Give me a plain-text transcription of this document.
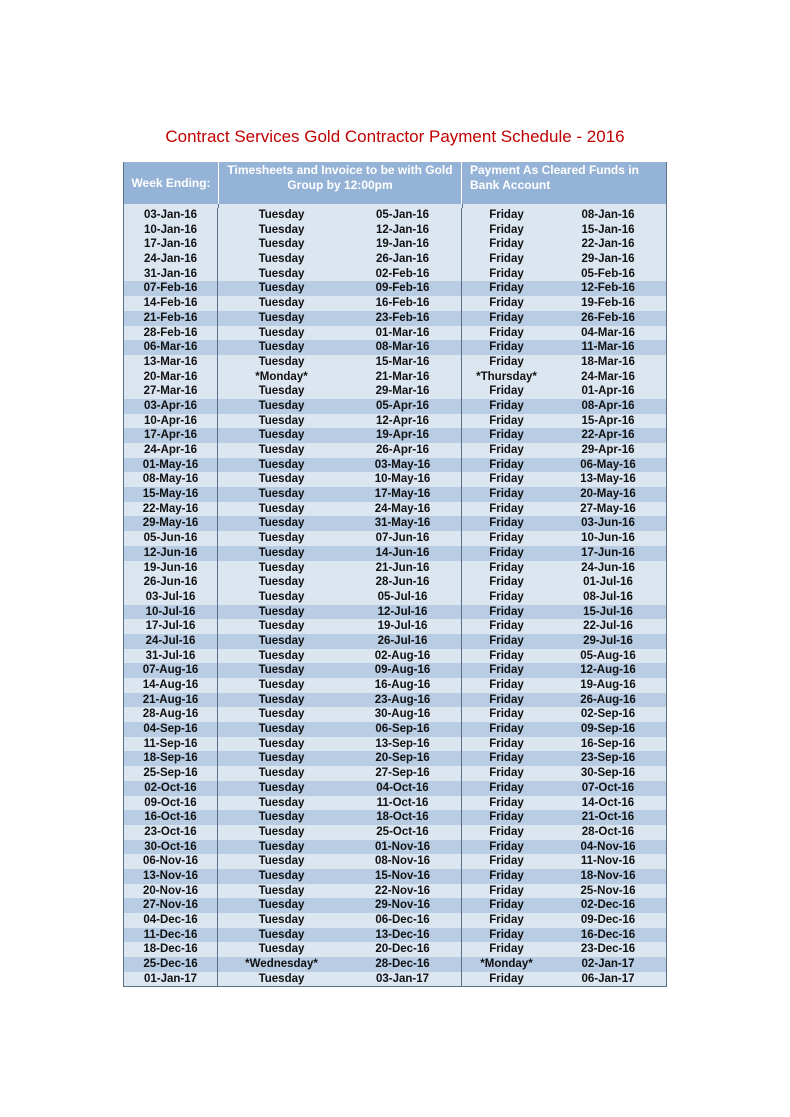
Contract Services Gold Contractor Payment Schedule - 2016
Week Ending:
Timesheets and Invoice to be with Gold Group by 12:00pm
Payment As Cleared Funds in Bank Account
03-Jan-16	Tuesday	05-Jan-16	Friday	08-Jan-16
10-Jan-16	Tuesday	12-Jan-16	Friday	15-Jan-16
17-Jan-16	Tuesday	19-Jan-16	Friday	22-Jan-16
24-Jan-16	Tuesday	26-Jan-16	Friday	29-Jan-16
31-Jan-16	Tuesday	02-Feb-16	Friday	05-Feb-16
07-Feb-16	Tuesday	09-Feb-16	Friday	12-Feb-16
14-Feb-16	Tuesday	16-Feb-16	Friday	19-Feb-16
21-Feb-16	Tuesday	23-Feb-16	Friday	26-Feb-16
28-Feb-16	Tuesday	01-Mar-16	Friday	04-Mar-16
06-Mar-16	Tuesday	08-Mar-16	Friday	11-Mar-16
13-Mar-16	Tuesday	15-Mar-16	Friday	18-Mar-16
20-Mar-16	*Monday*	21-Mar-16	*Thursday*	24-Mar-16
27-Mar-16	Tuesday	29-Mar-16	Friday	01-Apr-16
03-Apr-16	Tuesday	05-Apr-16	Friday	08-Apr-16
10-Apr-16	Tuesday	12-Apr-16	Friday	15-Apr-16
17-Apr-16	Tuesday	19-Apr-16	Friday	22-Apr-16
24-Apr-16	Tuesday	26-Apr-16	Friday	29-Apr-16
01-May-16	Tuesday	03-May-16	Friday	06-May-16
08-May-16	Tuesday	10-May-16	Friday	13-May-16
15-May-16	Tuesday	17-May-16	Friday	20-May-16
22-May-16	Tuesday	24-May-16	Friday	27-May-16
29-May-16	Tuesday	31-May-16	Friday	03-Jun-16
05-Jun-16	Tuesday	07-Jun-16	Friday	10-Jun-16
12-Jun-16	Tuesday	14-Jun-16	Friday	17-Jun-16
19-Jun-16	Tuesday	21-Jun-16	Friday	24-Jun-16
26-Jun-16	Tuesday	28-Jun-16	Friday	01-Jul-16
03-Jul-16	Tuesday	05-Jul-16	Friday	08-Jul-16
10-Jul-16	Tuesday	12-Jul-16	Friday	15-Jul-16
17-Jul-16	Tuesday	19-Jul-16	Friday	22-Jul-16
24-Jul-16	Tuesday	26-Jul-16	Friday	29-Jul-16
31-Jul-16	Tuesday	02-Aug-16	Friday	05-Aug-16
07-Aug-16	Tuesday	09-Aug-16	Friday	12-Aug-16
14-Aug-16	Tuesday	16-Aug-16	Friday	19-Aug-16
21-Aug-16	Tuesday	23-Aug-16	Friday	26-Aug-16
28-Aug-16	Tuesday	30-Aug-16	Friday	02-Sep-16
04-Sep-16	Tuesday	06-Sep-16	Friday	09-Sep-16
11-Sep-16	Tuesday	13-Sep-16	Friday	16-Sep-16
18-Sep-16	Tuesday	20-Sep-16	Friday	23-Sep-16
25-Sep-16	Tuesday	27-Sep-16	Friday	30-Sep-16
02-Oct-16	Tuesday	04-Oct-16	Friday	07-Oct-16
09-Oct-16	Tuesday	11-Oct-16	Friday	14-Oct-16
16-Oct-16	Tuesday	18-Oct-16	Friday	21-Oct-16
23-Oct-16	Tuesday	25-Oct-16	Friday	28-Oct-16
30-Oct-16	Tuesday	01-Nov-16	Friday	04-Nov-16
06-Nov-16	Tuesday	08-Nov-16	Friday	11-Nov-16
13-Nov-16	Tuesday	15-Nov-16	Friday	18-Nov-16
20-Nov-16	Tuesday	22-Nov-16	Friday	25-Nov-16
27-Nov-16	Tuesday	29-Nov-16	Friday	02-Dec-16
04-Dec-16	Tuesday	06-Dec-16	Friday	09-Dec-16
11-Dec-16	Tuesday	13-Dec-16	Friday	16-Dec-16
18-Dec-16	Tuesday	20-Dec-16	Friday	23-Dec-16
25-Dec-16	*Wednesday*	28-Dec-16	*Monday*	02-Jan-17
01-Jan-17	Tuesday	03-Jan-17	Friday	06-Jan-17
